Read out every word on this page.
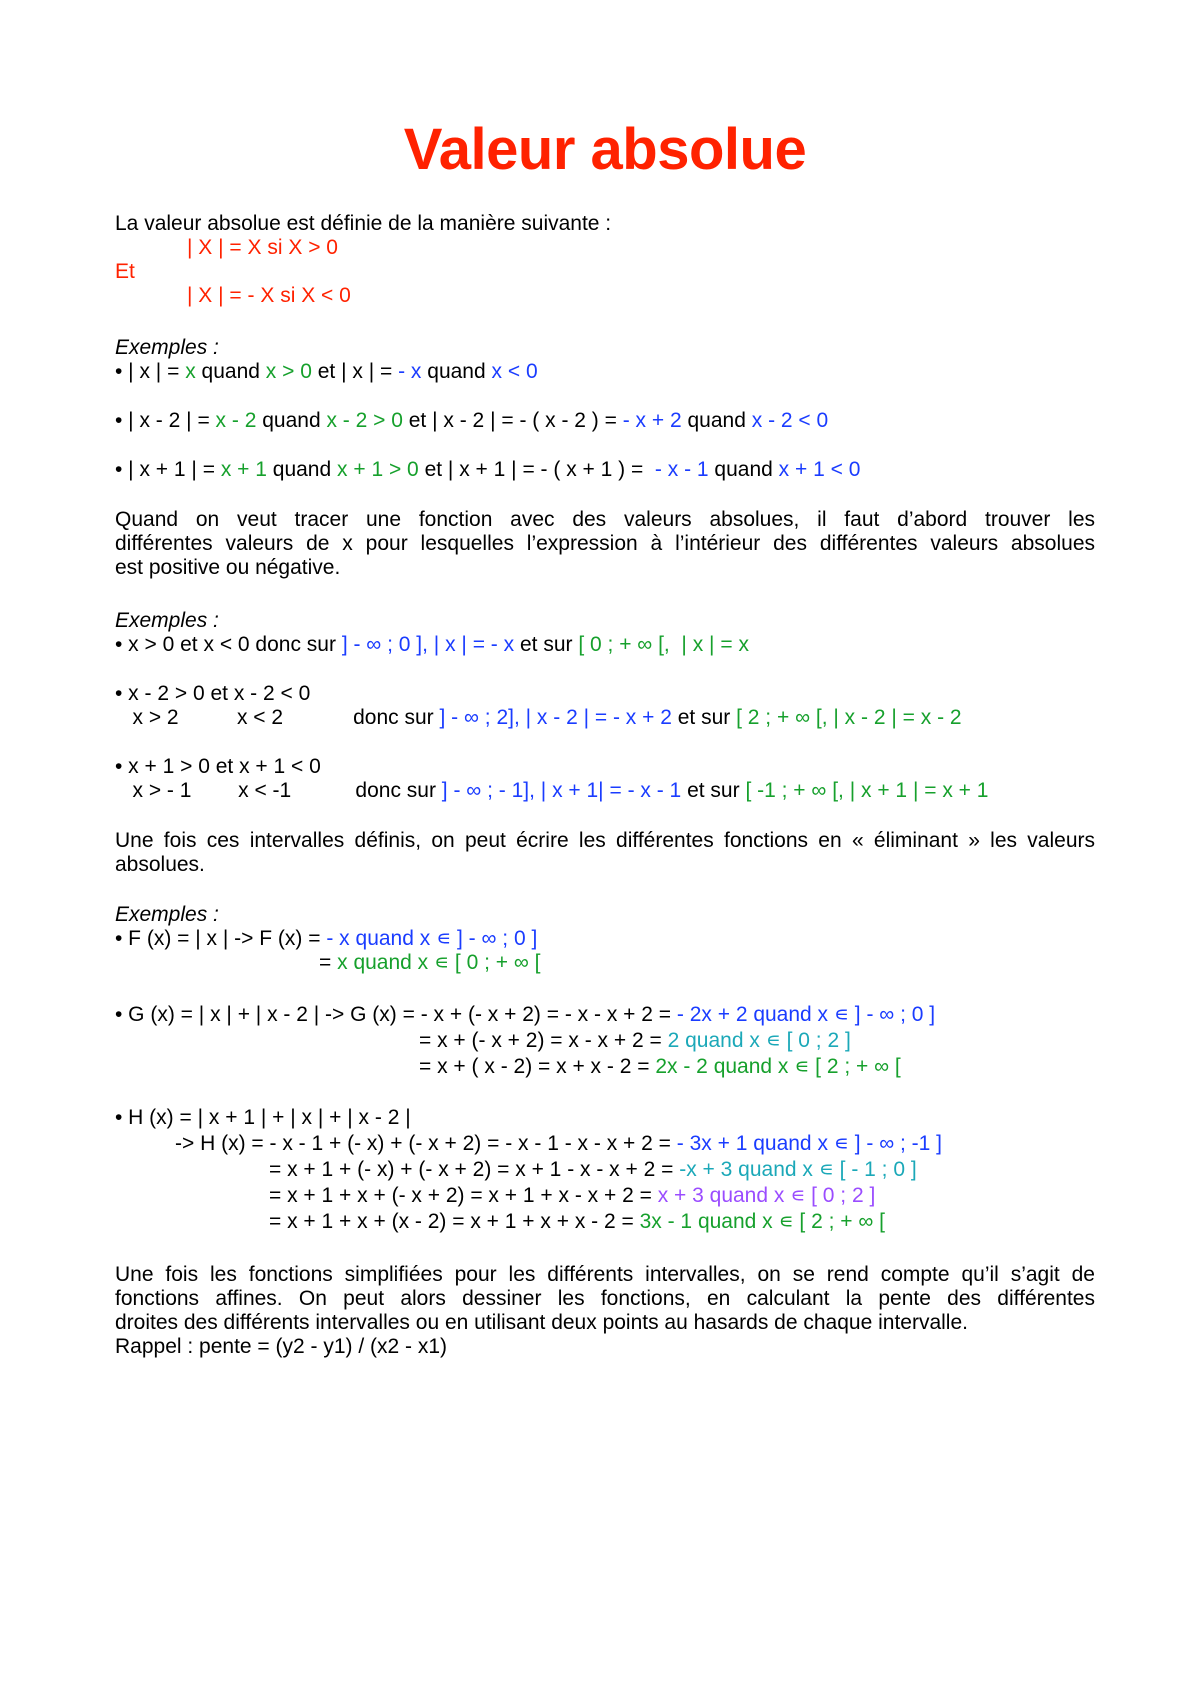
Valeur absolue
La valeur absolue est définie de la manière suivante :
| X | = X si X > 0
Et
| X | = - X si X < 0
Exemples :
• | x | = x quand x > 0 et | x | = - x quand x < 0
• | x - 2 | = x - 2 quand x - 2 > 0 et | x - 2 | = - ( x - 2 ) = - x + 2 quand x - 2 < 0
• | x + 1 | = x + 1 quand x + 1 > 0 et | x + 1 | = - ( x + 1 ) =  - x - 1 quand x + 1 < 0
Quand on veut tracer une fonction avec des valeurs absolues, il faut d’abord trouver les
différentes valeurs de x pour lesquelles l’expression à l’intérieur des différentes valeurs absolues
est positive ou négative.
Exemples :
• x > 0 et x < 0 donc sur ] - ∞ ; 0 ], | x | = - x et sur [ 0 ; + ∞ [,  | x | = x
• x - 2 > 0 et x - 2 < 0
x > 2          x < 2            donc sur ] - ∞ ; 2], | x - 2 | = - x + 2 et sur [ 2 ; + ∞ [, | x - 2 | = x - 2
• x + 1 > 0 et x + 1 < 0
x > - 1        x < -1           donc sur ] - ∞ ; - 1], | x + 1| = - x - 1 et sur [ -1 ; + ∞ [, | x + 1 | = x + 1
Une fois ces intervalles définis, on peut écrire les différentes fonctions en « éliminant » les valeurs
absolues.
Exemples :
• F (x) = | x | -> F (x) = - x quand x ∊ ] - ∞ ; 0 ]
= x quand x ∊ [ 0 ; + ∞ [
• G (x) = | x | + | x - 2 | -> G (x) = - x + (- x + 2) = - x - x + 2 = - 2x + 2 quand x ∊ ] - ∞ ; 0 ]
= x + (- x + 2) = x - x + 2 = 2 quand x ∊ [ 0 ; 2 ]
= x + ( x - 2) = x + x - 2 = 2x - 2 quand x ∊ [ 2 ; + ∞ [
• H (x) = | x + 1 | + | x | + | x - 2 |
-> H (x) = - x - 1 + (- x) + (- x + 2) = - x - 1 - x - x + 2 = - 3x + 1 quand x ∊ ] - ∞ ; -1 ]
= x + 1 + (- x) + (- x + 2) = x + 1 - x - x + 2 = -x + 3 quand x ∊ [ - 1 ; 0 ]
= x + 1 + x + (- x + 2) = x + 1 + x - x + 2 = x + 3 quand x ∊ [ 0 ; 2 ]
= x + 1 + x + (x - 2) = x + 1 + x + x - 2 = 3x - 1 quand x ∊ [ 2 ; + ∞ [
Une fois les fonctions simplifiées pour les différents intervalles, on se rend compte qu’il s’agit de
fonctions affines. On peut alors dessiner les fonctions, en calculant la pente des différentes
droites des différents intervalles ou en utilisant deux points au hasards de chaque intervalle.
Rappel : pente = (y2 - y1) / (x2 - x1)
